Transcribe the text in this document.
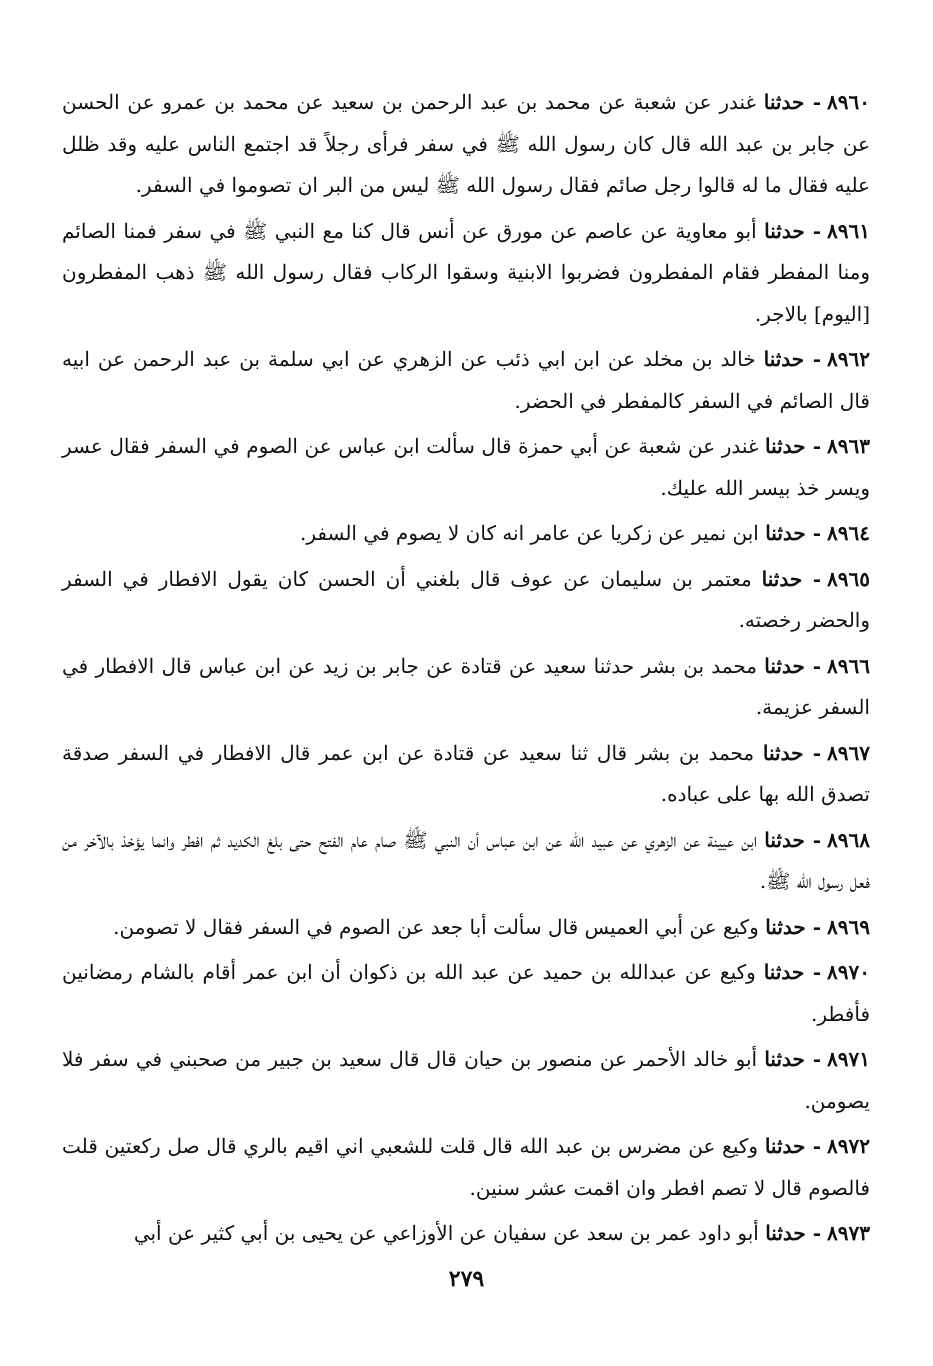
٨٩٦٠- حدثنا غندر عن شعبة عن محمد بن عبد الرحمن بن سعيد عن محمد بن عمرو عن الحسن عن جابر بن عبد الله قال كان رسول الله ﷺ في سفر فرأى رجلاً قد اجتمع الناس عليه وقد ظلل عليه فقال ما له قالوا رجل صائم فقال رسول الله ﷺ ليس من البر ان تصوموا في السفر.

٨٩٦١- حدثنا أبو معاوية عن عاصم عن مورق عن أنس قال كنا مع النبي ﷺ في سفر فمنا الصائم ومنا المفطر فقام المفطرون فضربوا الابنية وسقوا الركاب فقال رسول الله ﷺ ذهب المفطرون [اليوم] بالاجر.

٨٩٦٢- حدثنا خالد بن مخلد عن ابن ابي ذئب عن الزهري عن ابي سلمة بن عبد الرحمن عن ابيه قال الصائم في السفر كالمفطر في الحضر.

٨٩٦٣- حدثنا غندر عن شعبة عن أبي حمزة قال سألت ابن عباس عن الصوم في السفر فقال عسر ويسر خذ بيسر الله عليك.

٨٩٦٤- حدثنا ابن نمير عن زكريا عن عامر انه كان لا يصوم في السفر.

٨٩٦٥- حدثنا معتمر بن سليمان عن عوف قال بلغني أن الحسن كان يقول الافطار في السفر والحضر رخصته.

٨٩٦٦- حدثنا محمد بن بشر حدثنا سعيد عن قتادة عن جابر بن زيد عن ابن عباس قال الافطار في السفر عزيمة.

٨٩٦٧- حدثنا محمد بن بشر قال ثنا سعيد عن قتادة عن ابن عمر قال الافطار في السفر صدقة تصدق الله بها على عباده.

٨٩٦٨- حدثنا ابن عيينة عن الزهري عن عبيد الله عن ابن عباس أن النبي ﷺ صام عام الفتح حتى بلغ الكديد ثم افطر وانما يؤخذ بالآخر من فعل رسول الله ﷺ.

٨٩٦٩- حدثنا وكيع عن أبي العميس قال سألت أبا جعد عن الصوم في السفر فقال لا تصومن.

٨٩٧٠- حدثنا وكيع عن عبدالله بن حميد عن عبد الله بن ذكوان أن ابن عمر أقام بالشام رمضانين فأفطر.

٨٩٧١- حدثنا أبو خالد الأحمر عن منصور بن حيان قال قال سعيد بن جبير من صحبني في سفر فلا يصومن.

٨٩٧٢- حدثنا وكيع عن مضرس بن عبد الله قال قلت للشعبي اني اقيم بالري قال صل ركعتين قلت فالصوم قال لا تصم افطر وان اقمت عشر سنين.

٨٩٧٣- حدثنا أبو داود عمر بن سعد عن سفيان عن الأوزاعي عن يحيى بن أبي كثير عن أبي

٢٧٩
